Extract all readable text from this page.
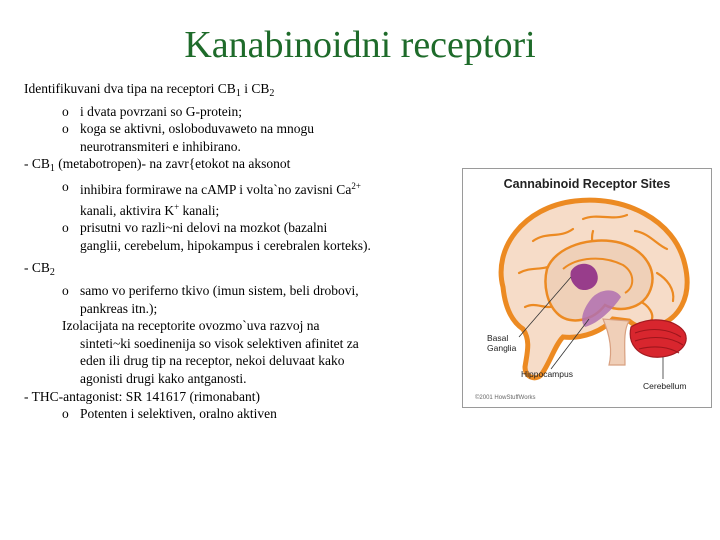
Kanabinoidni receptori
Identifikuvani dva tipa na receptori $CB_1$ i $CB_2$
o i dvata povrzani so G-protein;
o koga se aktivni, osloboduvaweto na mnogu
neurotransmiteri e inhibirano.
- $CB_1$ (metabotropen)- na zavr{etokot na aksonot
o inhibira formirawe na cAMP i volta`no zavisni $Ca^{2+}$
kanali, aktivira K+ kanali;
o prisutni vo razli~ni delovi na mozkot (bazalni
ganglii, cerebelum, hipokampus i cerebralen korteks).
- $CB_2$
o samo vo periferno tkivo (imun sistem, beli drobovi,
pankreas itn.);
Izolacijata na receptorite ovozmo`uva razvoj na
sinteti~ki soedinenija so visok selektiven afinitet za
eden ili drug tip na receptor, nekoi deluvaat kako
agonisti drugi kako antganosti.
- THC-antagonist: SR 141617 (rimonabant)
o Potenten i selektiven, oralno aktiven
Cannabinoid Receptor Sites
Basal
Ganglia
Hippocampus
Cerebellum
©2001 HowStuffWorks
